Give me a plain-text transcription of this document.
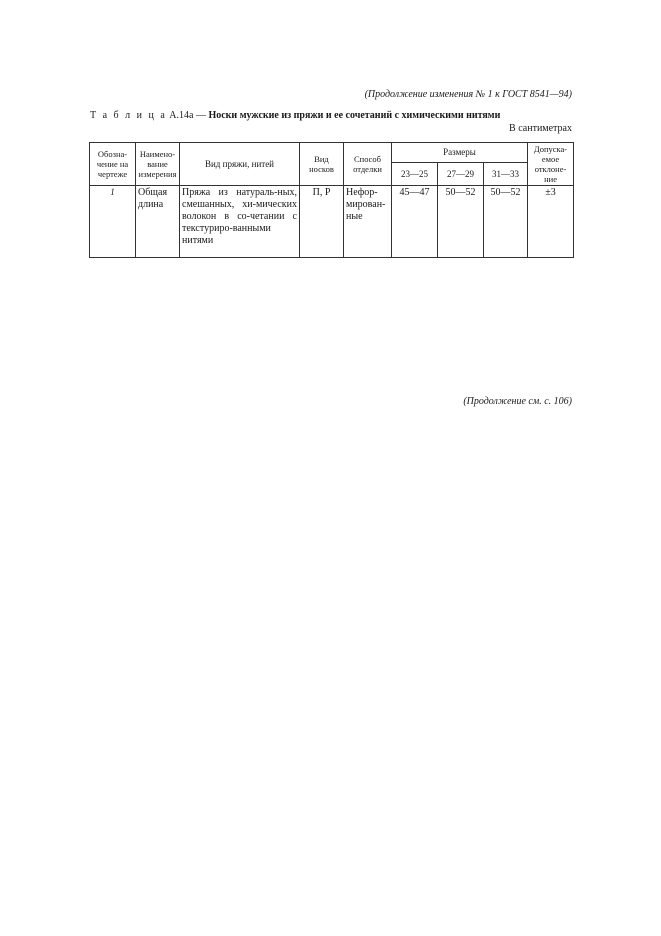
(Продолжение изменения № 1 к ГОСТ 8541—94)
Т а б л и ц а А.14а — Носки мужские из пряжи и ее сочетаний с химическими нитями
В сантиметрах
Обозна-чение на чертеже	Наимено-вание измерения	Вид пряжи, нитей	Вид носков	Способ отделки	Размеры			Допуска-емое отклоне-ние
					23—25	27—29	31—33	
1	Общая длина	Пряжа из натураль-ных, смешанных, хи-мических волокон в со-четании с текстуриро-ванными нитями	П, Р	Нефор-мирован-ные	45—47	50—52	50—52	±3
(Продолжение см. с. 106)
